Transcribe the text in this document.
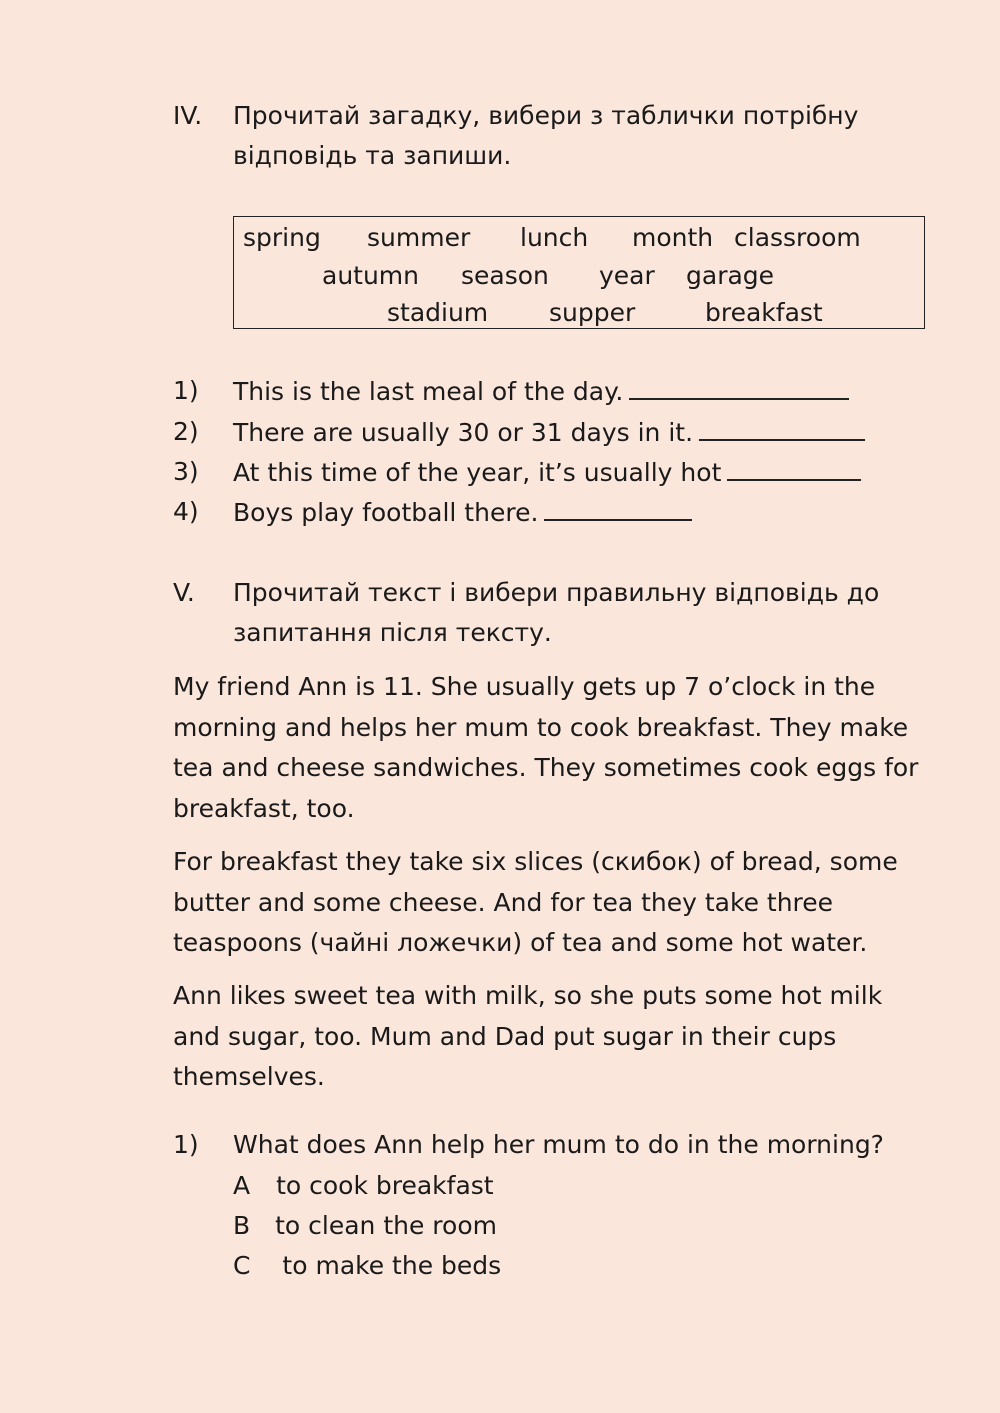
IV. Прочитай загадку, вибери з таблички потрібну
відповідь та запиши.
spring summer lunch month classroom
autumn season year garage
stadium supper	breakfast
1) This is the last meal of the day.
2) There are usually 30 or 31 days in it.
3) At this time of the year, it’s usually hot
4) Boys play football there.
V. Прочитай текст і вибери правильну відповідь до
запитання після тексту.
My friend Ann is 11. She usually gets up 7 o’clock in the morning and helps her mum to cook breakfast. They make tea and cheese sandwiches. They sometimes cook eggs for breakfast, too.
For breakfast they take six slices (скибок) of bread, some butter and some cheese. And for tea they take three teaspoons (чайні ложечки) of tea and some hot water.
Ann likes sweet tea with milk, so she puts some hot milk and sugar, too. Mum and Dad put sugar in their cups themselves.
1) What does Ann help her mum to do in the morning?
A to cook breakfast
B to clean the room
C to make the beds
